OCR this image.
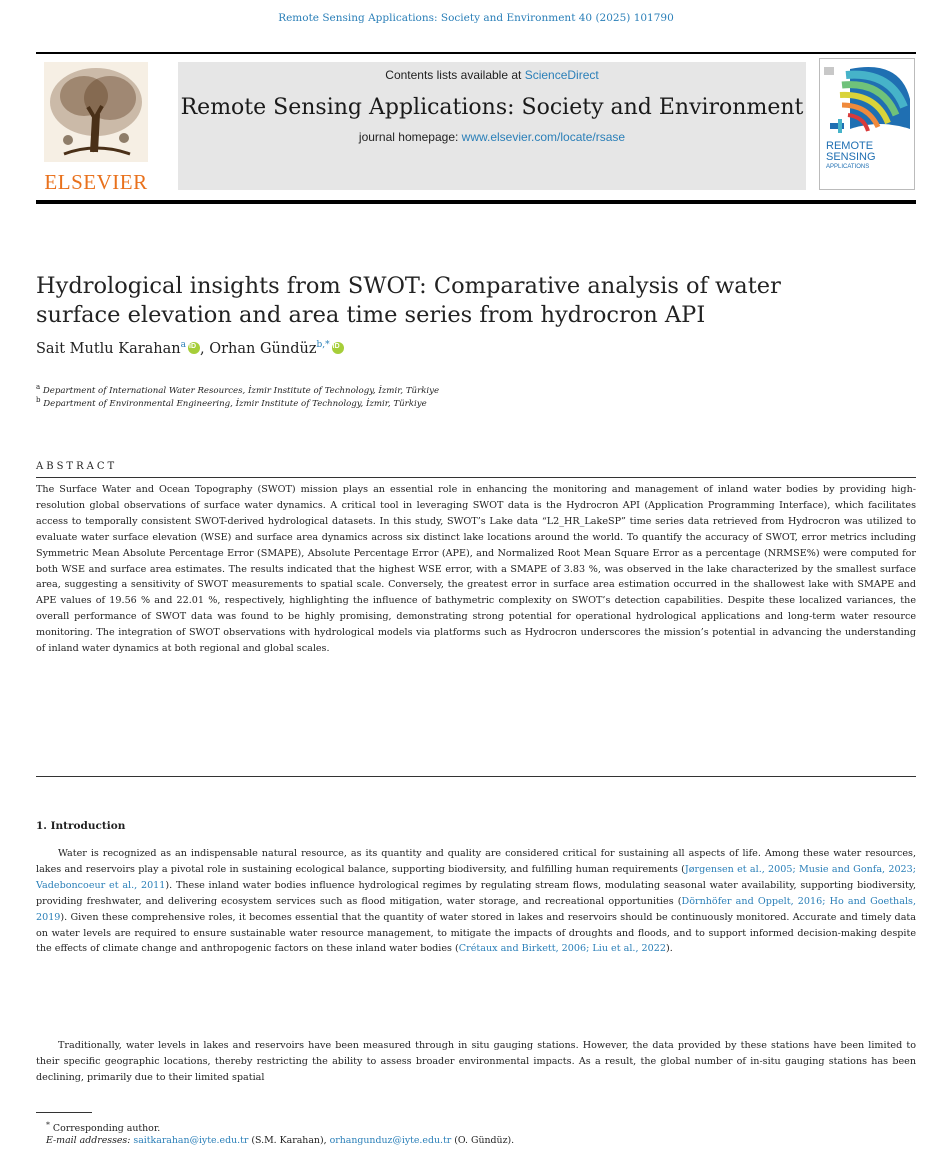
Remote Sensing Applications: Society and Environment 40 (2025) 101790
ELSEVIER
Contents lists available at ScienceDirect
Remote Sensing Applications: Society and Environment
journal homepage: www.elsevier.com/locate/rsase
REMOTE
SENSING
APPLICATIONS
Hydrological insights from SWOT: Comparative analysis of water surface elevation and area time series from hydrocron API
Sait Mutlu Karahan$^a$iD , Orhan Gündüz$^{b,*}$iD
$^a$ Department of International Water Resources, İzmir Institute of Technology, İzmir, Türkiye
$^b$ Department of Environmental Engineering, İzmir Institute of Technology, İzmir, Türkiye
ABSTRACT

The Surface Water and Ocean Topography (SWOT) mission plays an essential role in enhancing the monitoring and management of inland water bodies by providing high-resolution global observations of surface water dynamics. A critical tool in leveraging SWOT data is the Hydrocron API (Application Programming Interface), which facilitates access to temporally consistent SWOT-derived hydrological datasets. In this study, SWOT’s Lake data “L2_HR_LakeSP” time series data retrieved from Hydrocron was utilized to evaluate water surface elevation (WSE) and surface area dynamics across six distinct lake locations around the world. To quantify the accuracy of SWOT, error metrics including Symmetric Mean Absolute Percentage Error (SMAPE), Absolute Percentage Error (APE), and Normalized Root Mean Square Error as a percentage (NRMSE%) were computed for both WSE and surface area estimates. The results indicated that the highest WSE error, with a SMAPE of 3.83 %, was observed in the lake characterized by the smallest surface area, suggesting a sensitivity of SWOT measurements to spatial scale. Conversely, the greatest error in surface area estimation occurred in the shallowest lake with SMAPE and APE values of 19.56 % and 22.01 %, respectively, highlighting the influence of bathymetric complexity on SWOT’s detection capabilities. Despite these localized variances, the overall performance of SWOT data was found to be highly promising, demonstrating strong potential for operational hydrological applications and long-term water resource monitoring. The integration of SWOT observations with hydrological models via platforms such as Hydrocron underscores the mission’s potential in advancing the understanding of inland water dynamics at both regional and global scales.

1. Introduction

Water is recognized as an indispensable natural resource, as its quantity and quality are considered critical for sustaining all aspects of life. Among these water resources, lakes and reservoirs play a pivotal role in sustaining ecological balance, supporting biodiversity, and fulfilling human requirements (Jørgensen et al., 2005; Musie and Gonfa, 2023; Vadeboncoeur et al., 2011). These inland water bodies influence hydrological regimes by regulating stream flows, modulating seasonal water availability, supporting biodiversity, providing freshwater, and delivering ecosystem services such as flood mitigation, water storage, and recreational opportunities (Dörnhöfer and Oppelt, 2016; Ho and Goethals, 2019). Given these comprehensive roles, it becomes essential that the quantity of water stored in lakes and reservoirs should be continuously monitored. Accurate and timely data on water levels are required to ensure sustainable water resource management, to mitigate the impacts of droughts and floods, and to support informed decision-making despite the effects of climate change and anthropogenic factors on these inland water bodies (Crétaux and Birkett, 2006; Liu et al., 2022).

Traditionally, water levels in lakes and reservoirs have been measured through in situ gauging stations. However, the data provided by these stations have been limited to their specific geographic locations, thereby restricting the ability to assess broader environmental impacts. As a result, the global number of in-situ gauging stations has been declining, primarily due to their limited spatial

* Corresponding author.
E-mail addresses: saitkarahan@iyte.edu.tr (S.M. Karahan), orhangunduz@iyte.edu.tr (O. Gündüz).
